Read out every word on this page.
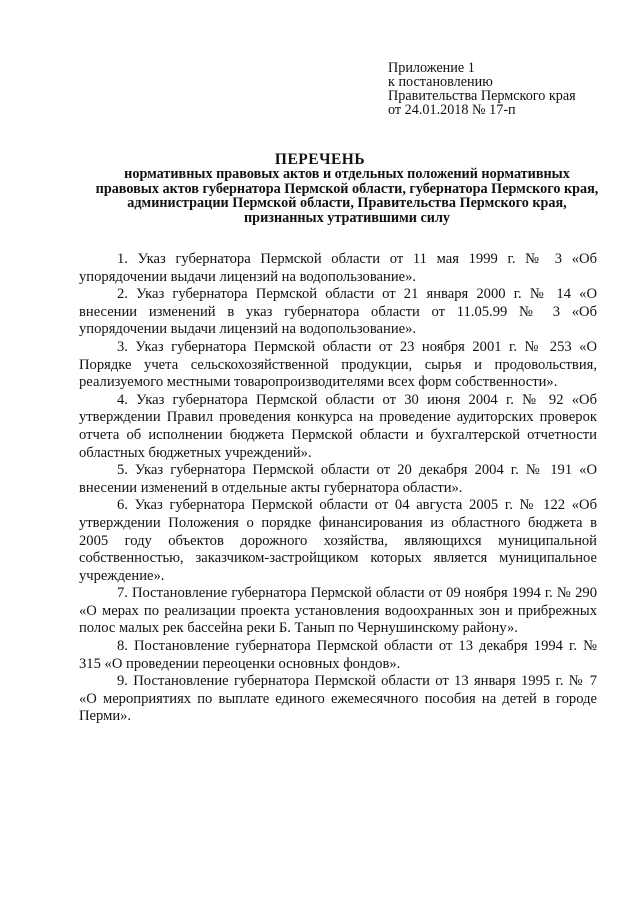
Приложение 1
к постановлению
Правительства Пермского края
от 24.01.2018 № 17-п
ПЕРЕЧЕНЬ
нормативных правовых актов и отдельных положений нормативных правовых актов губернатора Пермской области, губернатора Пермского края, администрации Пермской области, Правительства Пермского края, признанных утратившими силу

1. Указ губернатора Пермской области от 11 мая 1999 г. № 3 «Об упорядочении выдачи лицензий на водопользование».

2. Указ губернатора Пермской области от 21 января 2000 г. № 14 «О внесении изменений в указ губернатора области от 11.05.99 № 3 «Об упорядочении выдачи лицензий на водопользование».

3. Указ губернатора Пермской области от 23 ноября 2001 г. № 253 «О Порядке учета сельскохозяйственной продукции, сырья и продовольствия, реализуемого местными товаропроизводителями всех форм собственности».

4. Указ губернатора Пермской области от 30 июня 2004 г. № 92 «Об утверждении Правил проведения конкурса на проведение аудиторских проверок отчета об исполнении бюджета Пермской области и бухгалтерской отчетности областных бюджетных учреждений».

5. Указ губернатора Пермской области от 20 декабря 2004 г. № 191 «О внесении изменений в отдельные акты губернатора области».

6. Указ губернатора Пермской области от 04 августа 2005 г. № 122 «Об утверждении Положения о порядке финансирования из областного бюджета в 2005 году объектов дорожного хозяйства, являющихся муниципальной собственностью, заказчиком-застройщиком которых является муниципальное учреждение».

7. Постановление губернатора Пермской области от 09 ноября 1994 г. № 290 «О мерах по реализации проекта установления водоохранных зон и прибрежных полос малых рек бассейна реки Б. Танып по Чернушинскому району».

8. Постановление губернатора Пермской области от 13 декабря 1994 г. № 315 «О проведении переоценки основных фондов».

9. Постановление губернатора Пермской области от 13 января 1995 г. № 7 «О мероприятиях по выплате единого ежемесячного пособия на детей в городе Перми».
